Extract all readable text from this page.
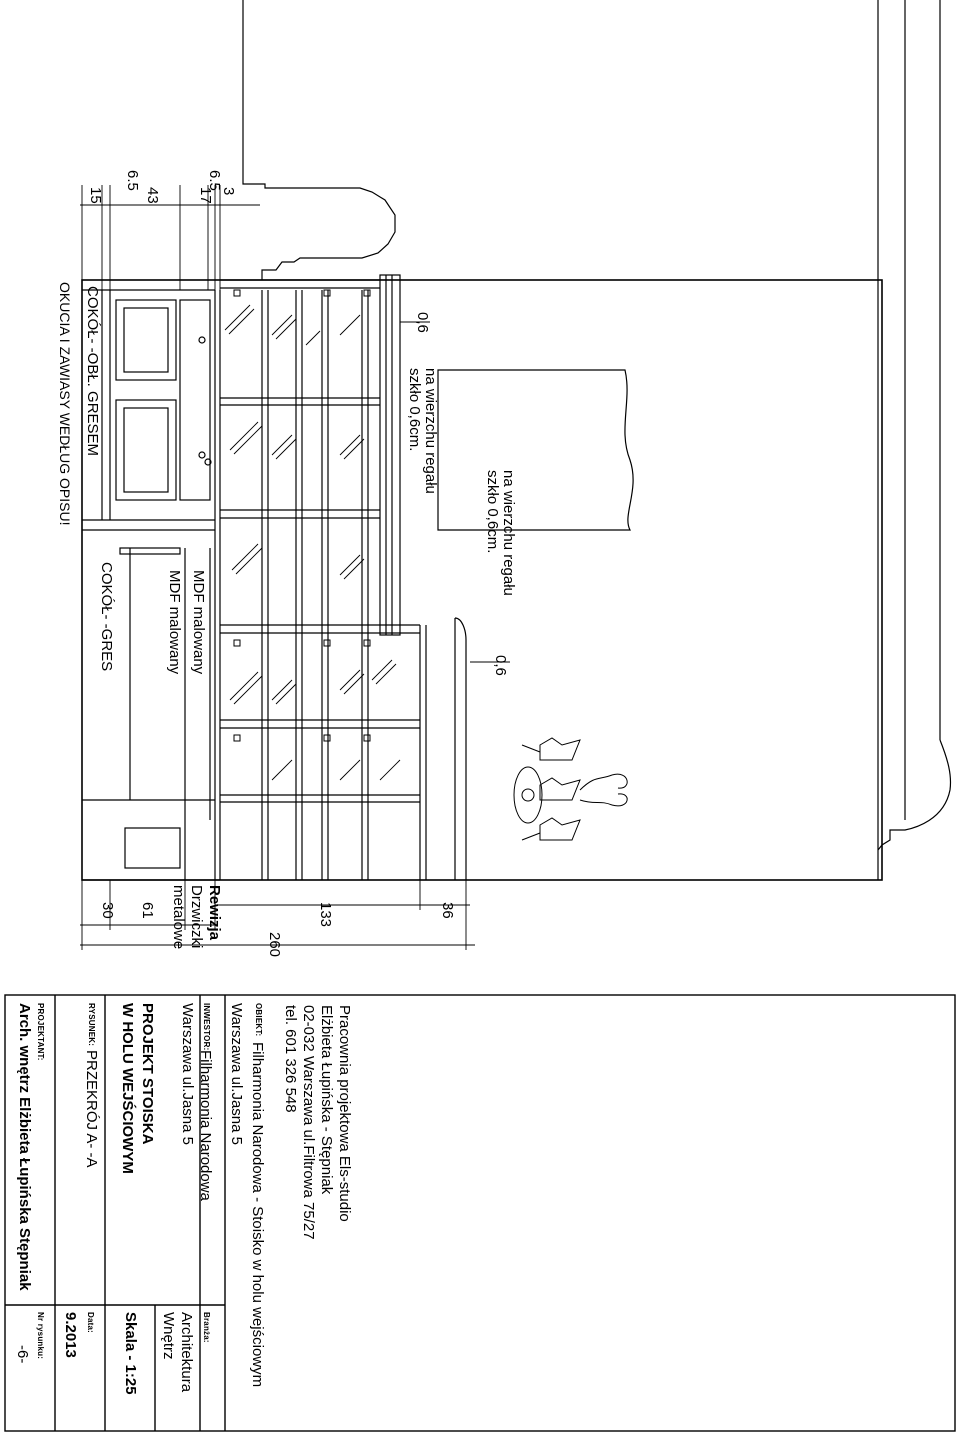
15
6.5
43 17
6.5
3
30 61	133	36
260
0,6
0,6
na wierzchu regału
szkło 0,6cm.
na wierzchu regału
szkło 0,6cm.
MDF malowany
MDF malowany
COKÓŁ- -OBŁ. GRESEM
COKÓŁ- -GRES
OKUCIA I ZAWIASY WEDŁUG OPISU!
Rewizja
Drzwiczki
metalowe
Pracownia projektowa Els-studio
Elżbieta Łupińska - Stępniak
02-032 Warszawa ul.Filtrowa 75/27
tel. 601 326 548
OBIEKT:
Filharmonia Narodowa - Stoisko w holu wejściowym
Warszawa ul.Jasna 5
INWESTOR:
Filharmonia Narodowa
Warszawa ul.Jasna 5
PROJEKT STOISKA
W HOLU WEJŚCIOWYM
RYSUNEK:
PRZEKRÓJ A- -A
PROJEKTANT:
Arch. wnętrz Elżbieta Łupińska Stępniak
Branża:
Architektura
Wnętrz
Skala - 1:25
Data:
9.2013
Nr rysunku:
-6-
